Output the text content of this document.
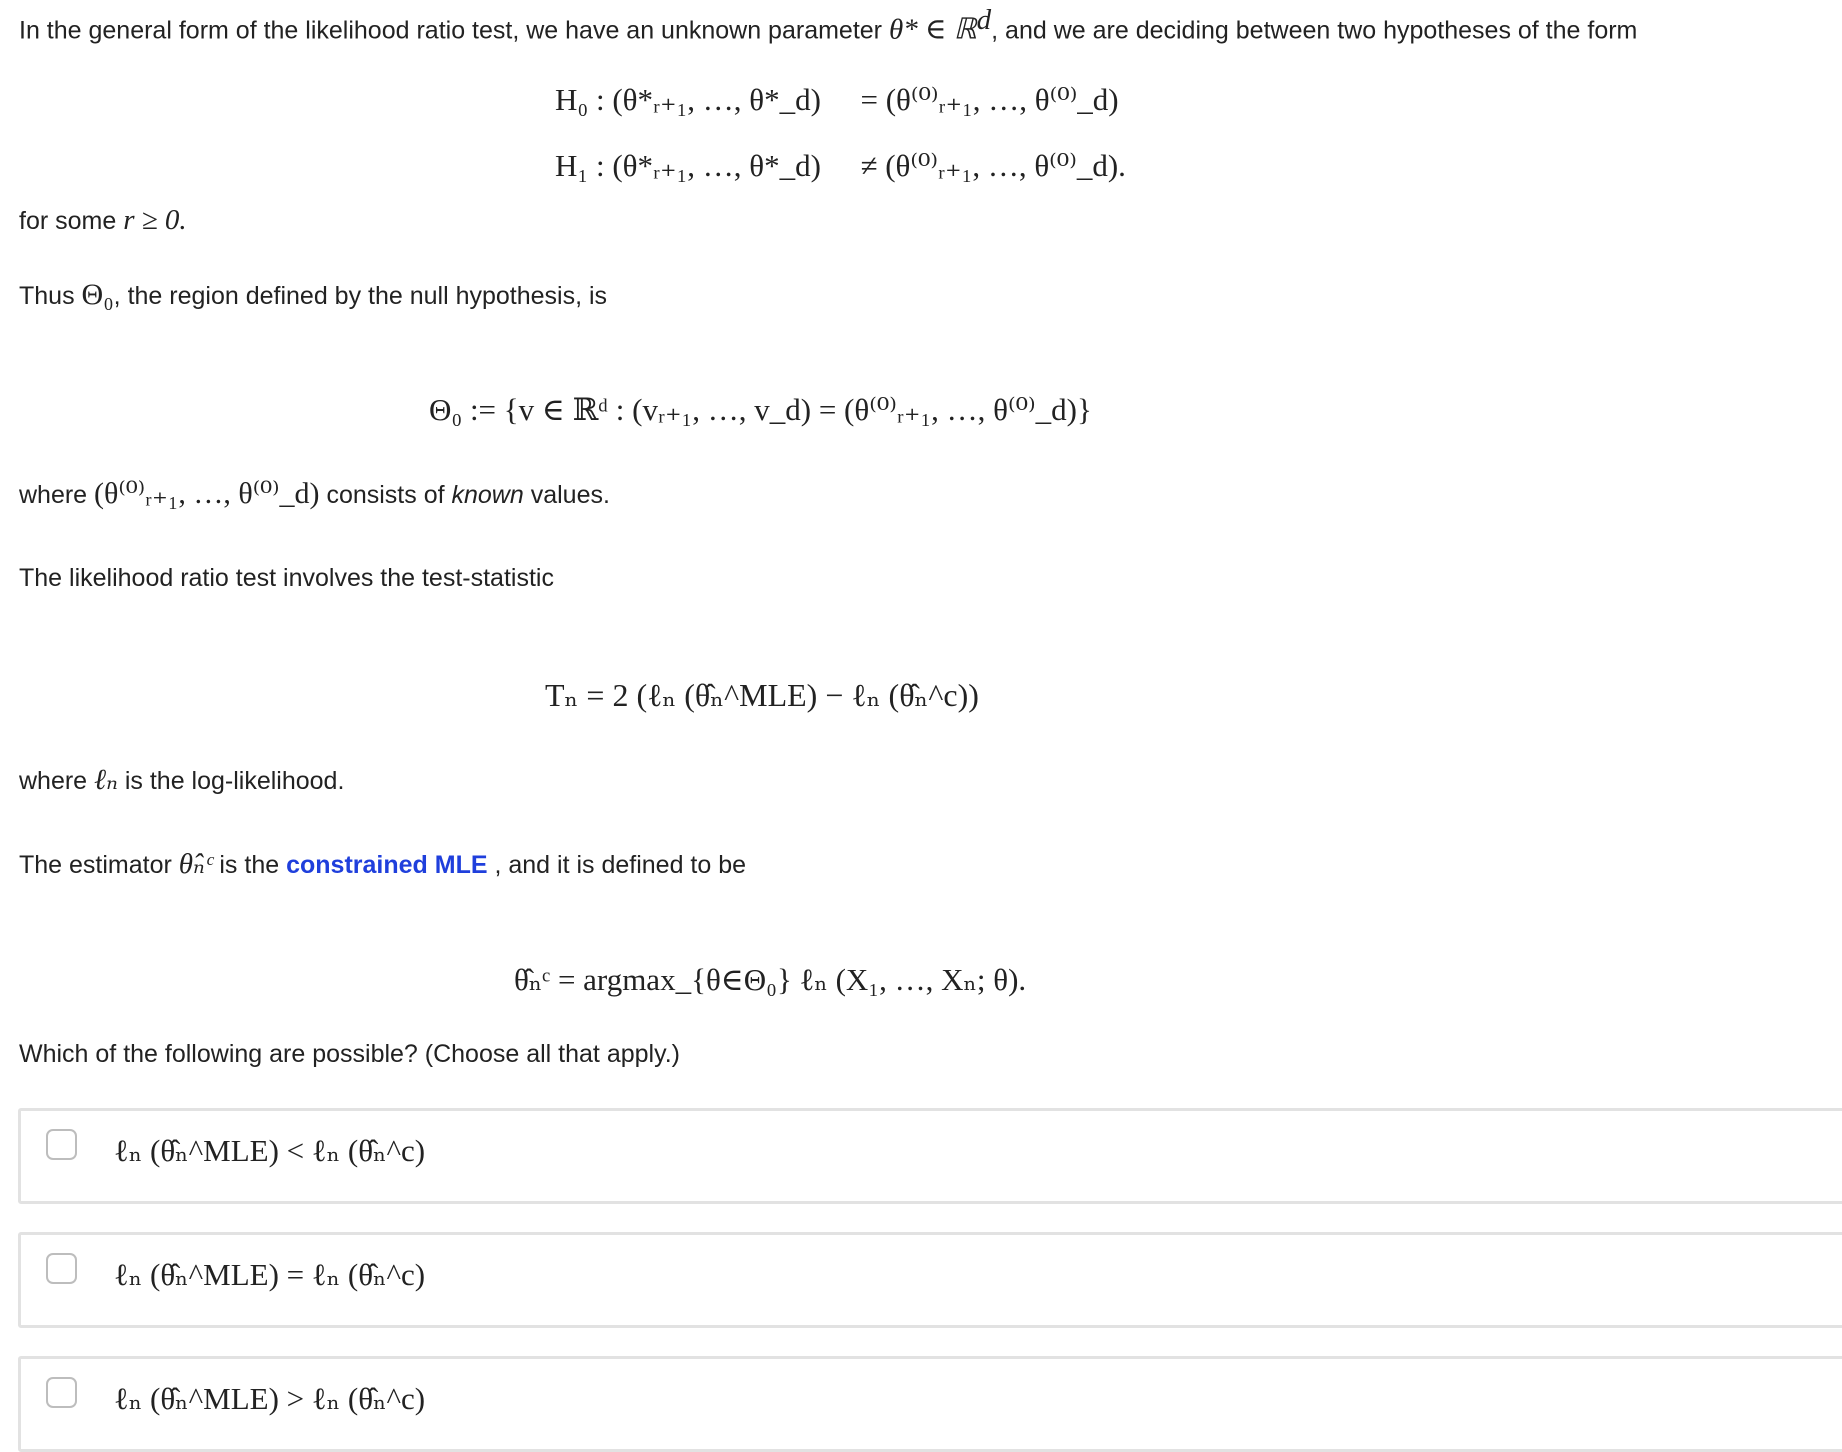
In the general form of the likelihood ratio test, we have an unknown parameter θ* ∈ ℝ$^d$, and we are deciding between two hypotheses of the form
H₀ : (θ*ᵣ₊₁, …, θ*_d) = (θ⁽⁰⁾ᵣ₊₁, …, θ⁽⁰⁾_d)
H₁ : (θ*ᵣ₊₁, …, θ*_d) ≠ (θ⁽⁰⁾ᵣ₊₁, …, θ⁽⁰⁾_d).
for some r ≥ 0.
Thus Θ₀, the region defined by the null hypothesis, is
Θ₀ := {v ∈ ℝᵈ : (vᵣ₊₁, …, v_d) = (θ⁽⁰⁾ᵣ₊₁, …, θ⁽⁰⁾_d)}
where (θ⁽⁰⁾ᵣ₊₁, …, θ⁽⁰⁾_d) consists of known values.
The likelihood ratio test involves the test-statistic
Tₙ = 2 (ℓₙ (θ̂ₙ^MLE) − ℓₙ (θ̂ₙ^c))
where ℓₙ is the log-likelihood.
The estimator θ̂ₙᶜ is the constrained MLE , and it is defined to be
θ̂ₙᶜ = argmax_{θ∈Θ₀} ℓₙ (X₁, …, Xₙ; θ).
Which of the following are possible? (Choose all that apply.)
ℓₙ (θ̂ₙ^MLE) < ℓₙ (θ̂ₙ^c)
ℓₙ (θ̂ₙ^MLE) = ℓₙ (θ̂ₙ^c)
ℓₙ (θ̂ₙ^MLE) > ℓₙ (θ̂ₙ^c)
